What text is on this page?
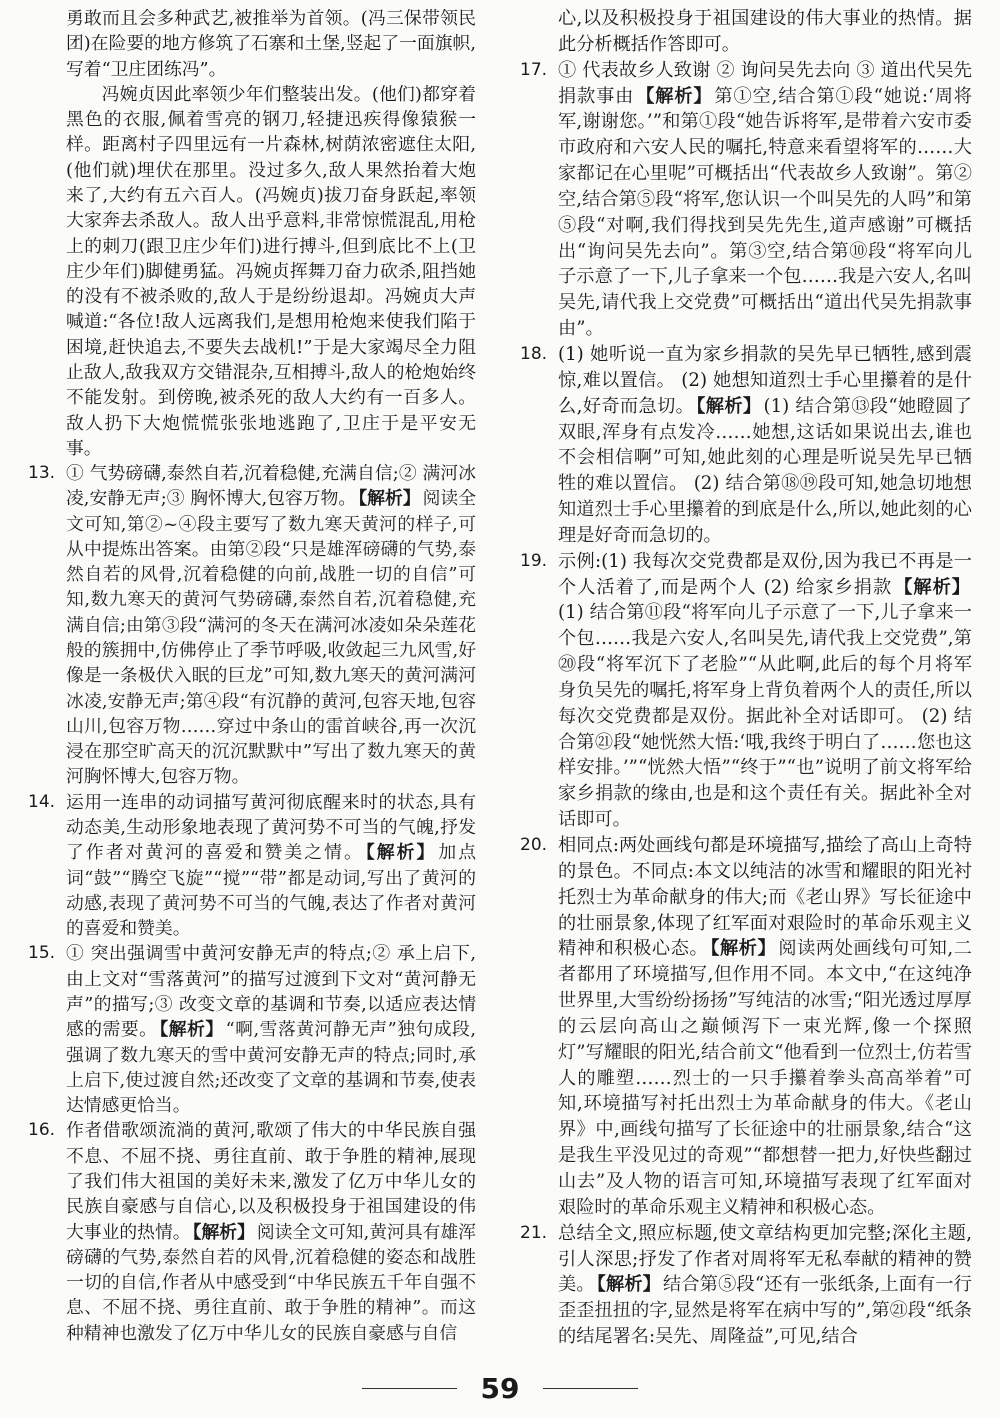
勇敢而且会多种武艺,被推举为首领。(冯三保带领民团)在险要的地方修筑了石寨和土堡,竖起了一面旗帜,写着“卫庄团练冯”。
冯婉贞因此率领少年们整装出发。(他们)都穿着黑色的衣服,佩着雪亮的钢刀,轻捷迅疾得像猿猴一样。距离村子四里远有一片森林,树荫浓密遮住太阳,(他们就)埋伏在那里。没过多久,敌人果然抬着大炮来了,大约有五六百人。(冯婉贞)拔刀奋身跃起,率领大家奔去杀敌人。敌人出乎意料,非常惊慌混乱,用枪上的刺刀(跟卫庄少年们)进行搏斗,但到底比不上(卫庄少年们)脚健勇猛。冯婉贞挥舞刀奋力砍杀,阻挡她的没有不被杀败的,敌人于是纷纷退却。冯婉贞大声喊道:“各位!敌人远离我们,是想用枪炮来使我们陷于困境,赶快追去,不要失去战机!”于是大家竭尽全力阻止敌人,敌我双方交错混杂,互相搏斗,敌人的枪炮始终不能发射。到傍晚,被杀死的敌人大约有一百多人。敌人扔下大炮慌慌张张地逃跑了,卫庄于是平安无事。
13. ① 气势磅礴,泰然自若,沉着稳健,充满自信;② 满河冰凌,安静无声;③ 胸怀博大,包容万物。 【解析】 阅读全文可知,第②~④段主要写了数九寒天黄河的样子,可从中提炼出答案。由第②段“只是雄浑磅礴的气势,泰然自若的风骨,沉着稳健的向前,战胜一切的自信”可知,数九寒天的黄河气势磅礴,泰然自若,沉着稳健,充满自信;由第③段“满河的冬天在满河冰凌如朵朵莲花般的簇拥中,仿佛停止了季节呼吸,收敛起三九风雪,好像是一条极伏入眠的巨龙”可知,数九寒天的黄河满河冰凌,安静无声;第④段“有沉静的黄河,包容天地,包容山川,包容万物……穿过中条山的雷首峡谷,再一次沉浸在那空旷高天的沉沉默默中”写出了数九寒天的黄河胸怀博大,包容万物。
14. 运用一连串的动词描写黄河彻底醒来时的状态,具有动态美,生动形象地表现了黄河势不可当的气魄,抒发了作者对黄河的喜爱和赞美之情。 【解析】 加点词“鼓”“腾空飞旋”“搅”“带”都是动词,写出了黄河的动感,表现了黄河势不可当的气魄,表达了作者对黄河的喜爱和赞美。
15. ① 突出强调雪中黄河安静无声的特点;② 承上启下,由上文对“雪落黄河”的描写过渡到下文对“黄河静无声”的描写;③ 改变文章的基调和节奏,以适应表达情感的需要。 【解析】 “啊,雪落黄河静无声”独句成段,强调了数九寒天的雪中黄河安静无声的特点;同时,承上启下,使过渡自然;还改变了文章的基调和节奏,使表达情感更恰当。
16. 作者借歌颂流淌的黄河,歌颂了伟大的中华民族自强不息、不屈不挠、勇往直前、敢于争胜的精神,展现了我们伟大祖国的美好未来,激发了亿万中华儿女的民族自豪感与自信心,以及积极投身于祖国建设的伟大事业的热情。 【解析】 阅读全文可知,黄河具有雄浑磅礴的气势,泰然自若的风骨,沉着稳健的姿态和战胜一切的自信,作者从中感受到“中华民族五千年自强不息、不屈不挠、勇往直前、敢于争胜的精神”。而这种精神也激发了亿万中华儿女的民族自豪感与自信
心,以及积极投身于祖国建设的伟大事业的热情。据此分析概括作答即可。
17. ① 代表故乡人致谢 ② 询问吴先去向 ③ 道出代吴先捐款事由 【解析】 第①空,结合第①段“她说:‘周将军,谢谢您。’”和第①段“她告诉将军,是带着六安市委市政府和六安人民的嘱托,特意来看望将军的……大家都记在心里呢”可概括出“代表故乡人致谢”。第②空,结合第⑤段“将军,您认识一个叫吴先的人吗”和第⑤段“对啊,我们得找到吴先先生,道声感谢”可概括出“询问吴先去向”。第③空,结合第⑩段“将军向儿子示意了一下,儿子拿来一个包……我是六安人,名叫吴先,请代我上交党费”可概括出“道出代吴先捐款事由”。
18. (1) 她听说一直为家乡捐款的吴先早已牺牲,感到震惊,难以置信。 (2) 她想知道烈士手心里攥着的是什么,好奇而急切。 【解析】 (1) 结合第⑬段“她瞪圆了双眼,浑身有点发冷……她想,这话如果说出去,谁也不会相信啊”可知,她此刻的心理是听说吴先早已牺牲的难以置信。 (2) 结合第⑱⑲段可知,她急切地想知道烈士手心里攥着的到底是什么,所以,她此刻的心理是好奇而急切的。
19. 示例:(1) 我每次交党费都是双份,因为我已不再是一个人活着了,而是两个人 (2) 给家乡捐款 【解析】(1) 结合第⑪段“将军向儿子示意了一下,儿子拿来一个包……我是六安人,名叫吴先,请代我上交党费”,第⑳段“将军沉下了老脸”“从此啊,此后的每个月将军身负吴先的嘱托,将军身上背负着两个人的责任,所以每次交党费都是双份。据此补全对话即可。 (2) 结合第㉑段“她恍然大悟:‘哦,我终于明白了……您也这样安排。’”“恍然大悟”“终于”“也”说明了前文将军给家乡捐款的缘由,也是和这个责任有关。据此补全对话即可。
20. 相同点:两处画线句都是环境描写,描绘了高山上奇特的景色。不同点:本文以纯洁的冰雪和耀眼的阳光衬托烈士为革命献身的伟大;而《老山界》写长征途中的壮丽景象,体现了红军面对艰险时的革命乐观主义精神和积极心态。 【解析】 阅读两处画线句可知,二者都用了环境描写,但作用不同。本文中,“在这纯净世界里,大雪纷纷扬扬”写纯洁的冰雪;“阳光透过厚厚的云层向高山之巅倾泻下一束光辉,像一个探照灯”写耀眼的阳光,结合前文“他看到一位烈士,仿若雪人的雕塑……烈士的一只手攥着拳头高高举着”可知,环境描写衬托出烈士为革命献身的伟大。《老山界》中,画线句描写了长征途中的壮丽景象,结合“这是我生平没见过的奇观”“都想替一把力,好快些翻过山去”及人物的语言可知,环境描写表现了红军面对艰险时的革命乐观主义精神和积极心态。
21. 总结全文,照应标题,使文章结构更加完整;深化主题,引人深思;抒发了作者对周将军无私奉献的精神的赞美。 【解析】 结合第⑤段“还有一张纸条,上面有一行歪歪扭扭的字,显然是将军在病中写的”,第㉑段“纸条的结尾署名:吴先、周隆益”,可见,结合
59
